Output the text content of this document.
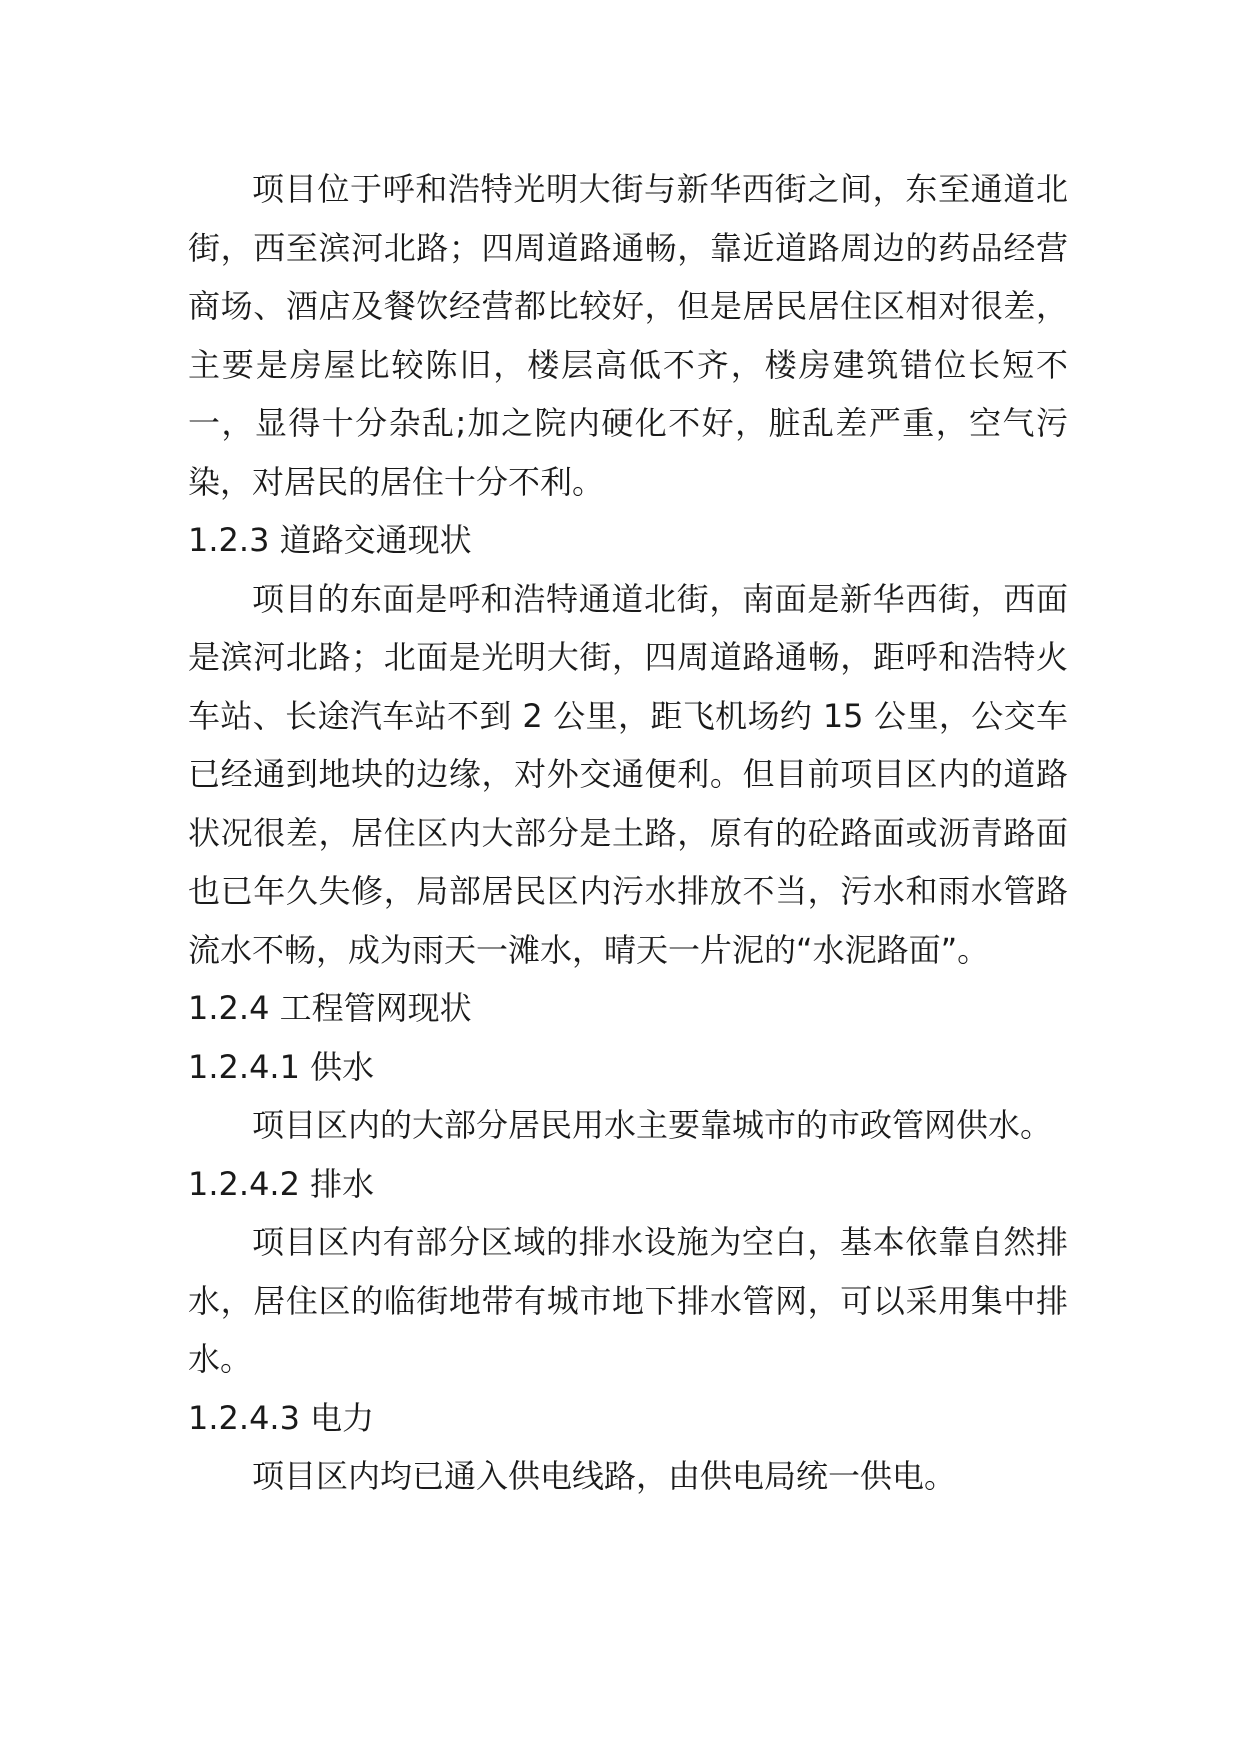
项目位于呼和浩特光明大街与新华西街之间，东至通道北街，西至滨河北路；四周道路通畅，靠近道路周边的药品经营商场、酒店及餐饮经营都比较好，但是居民居住区相对很差，主要是房屋比较陈旧，楼层高低不齐，楼房建筑错位长短不一，显得十分杂乱;加之院内硬化不好，脏乱差严重，空气污染，对居民的居住十分不利。

1.2.3 道路交通现状

项目的东面是呼和浩特通道北街，南面是新华西街，西面是滨河北路；北面是光明大街，四周道路通畅，距呼和浩特火车站、长途汽车站不到 2 公里，距飞机场约 15 公里，公交车已经通到地块的边缘，对外交通便利。但目前项目区内的道路状况很差，居住区内大部分是土路，原有的砼路面或沥青路面也已年久失修，局部居民区内污水排放不当，污水和雨水管路流水不畅，成为雨天一滩水，晴天一片泥的“水泥路面”。

1.2.4 工程管网现状

1.2.4.1 供水

项目区内的大部分居民用水主要靠城市的市政管网供水。

1.2.4.2 排水

项目区内有部分区域的排水设施为空白，基本依靠自然排水，居住区的临街地带有城市地下排水管网，可以采用集中排水。

1.2.4.3 电力

项目区内均已通入供电线路，由供电局统一供电。
